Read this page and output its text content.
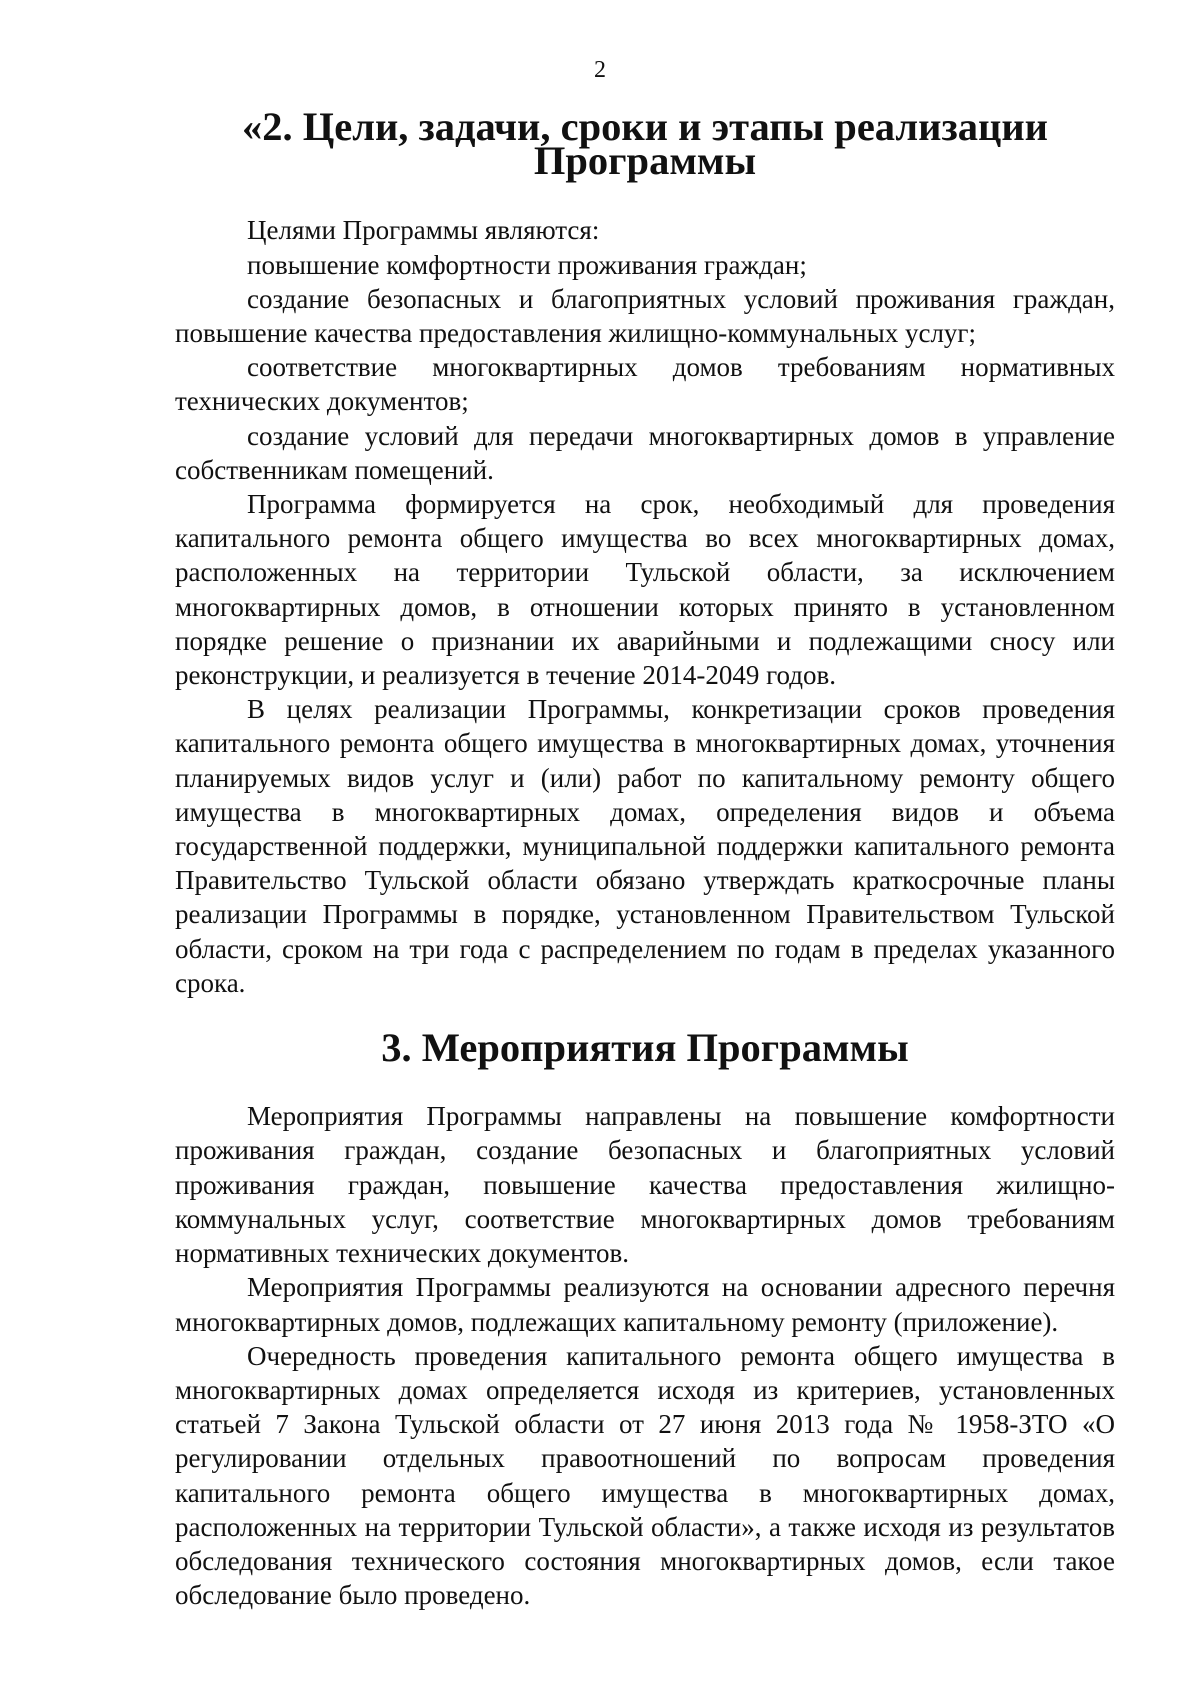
2
«2. Цели, задачи, сроки и этапы реализации Программы

Целями Программы являются:

повышение комфортности проживания граждан;

создание безопасных и благоприятных условий проживания граждан, повышение качества предоставления жилищно-коммунальных услуг;

соответствие многоквартирных домов требованиям нормативных технических документов;

создание условий для передачи многоквартирных домов в управление собственникам помещений.

Программа формируется на срок, необходимый для проведения капитального ремонта общего имущества во всех многоквартирных домах, расположенных на территории Тульской области, за исключением многоквартирных домов, в отношении которых принято в установленном порядке решение о признании их аварийными и подлежащими сносу или реконструкции, и реализуется в течение 2014-2049 годов.

В целях реализации Программы, конкретизации сроков проведения капитального ремонта общего имущества в многоквартирных домах, уточнения планируемых видов услуг и (или) работ по капитальному ремонту общего имущества в многоквартирных домах, определения видов и объема государственной поддержки, муниципальной поддержки капитального ремонта Правительство Тульской области обязано утверждать краткосрочные планы реализации Программы в порядке, установленном Правительством Тульской области, сроком на три года с распределением по годам в пределах указанного срока.

3. Мероприятия Программы

Мероприятия Программы направлены на повышение комфортности проживания граждан, создание безопасных и благоприятных условий проживания граждан, повышение качества предоставления жилищно-коммунальных услуг, соответствие многоквартирных домов требованиям нормативных технических документов.

Мероприятия Программы реализуются на основании адресного перечня многоквартирных домов, подлежащих капитальному ремонту (приложение).

Очередность проведения капитального ремонта общего имущества в многоквартирных домах определяется исходя из критериев, установленных статьей 7 Закона Тульской области от 27 июня 2013 года № 1958-ЗТО «О регулировании отдельных правоотношений по вопросам проведения капитального ремонта общего имущества в многоквартирных домах, расположенных на территории Тульской области», а также исходя из результатов обследования технического состояния многоквартирных домов, если такое обследование было проведено.
